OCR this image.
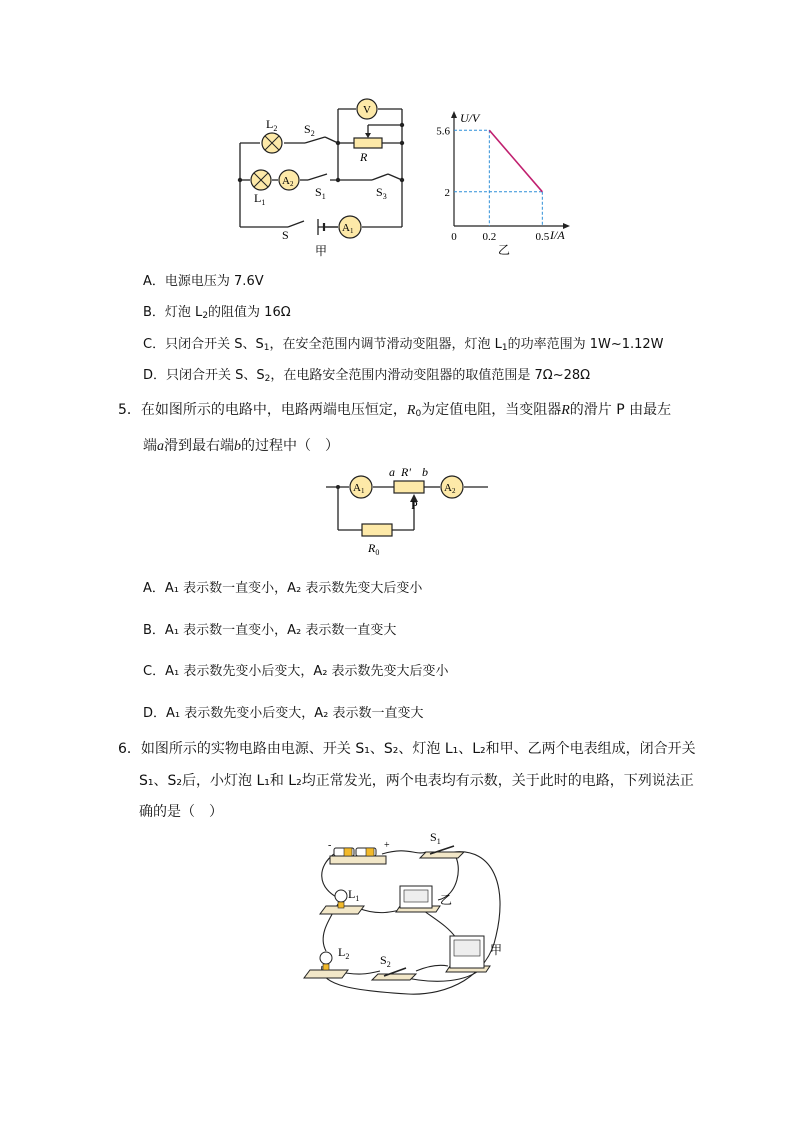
$L_2$ $S_2$
V
R
$L_1$
A2
$S_1$	$S_3$
S	A1
甲
5.6
2
0 0.2	0.5
U/V
I/A
乙
A．电源电压为 7.6V
B．灯泡 $L_2$的阻值为 16Ω
C．只闭合开关 S、$S_1$，在安全范围内调节滑动变阻器，灯泡 $L_1$的功率范围为 1W~1.12W
D．只闭合开关 S、$S_2$，在电路安全范围内滑动变阻器的取值范围是 7Ω~28Ω
5．在如图所示的电路中，电路两端电压恒定，$R_0$为定值电阻，当变阻器R的滑片 P 由最左
端a滑到最右端b的过程中（　）
A1	A2
a R' b
P
$R_0$
A．A₁ 表示数一直变小，A₂ 表示数先变大后变小
B．A₁ 表示数一直变小，A₂ 表示数一直变大
C．A₁ 表示数先变小后变大，A₂ 表示数先变大后变小
D．A₁ 表示数先变小后变大，A₂ 表示数一直变大
6．如图所示的实物电路由电源、开关 S₁、S₂、灯泡 L₁、L₂和甲、乙两个电表组成，闭合开关
S₁、S₂后，小灯泡 L₁和 L₂均正常发光，两个电表均有示数，关于此时的电路，下列说法正
确的是（　）
-	+
$S_1$
$L_1$	乙
甲
$L_2$	$S_2$
